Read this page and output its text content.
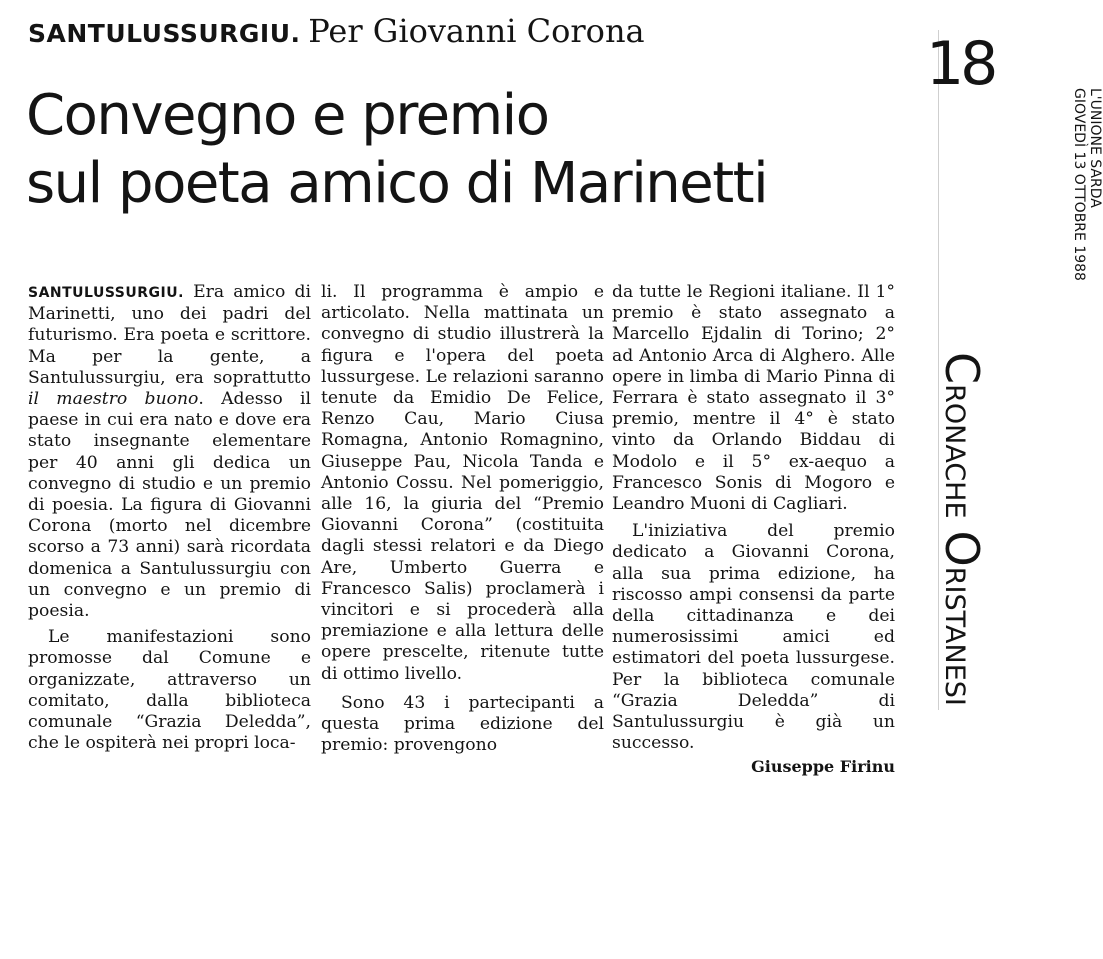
SANTULUSSURGIU. Per Giovanni Corona
Convegno e premio
sul poeta amico di Marinetti

SANTULUSSURGIU. Era amico di Marinetti, uno dei padri del futurismo. Era poeta e scrittore. Ma per la gente, a Santulussurgiu, era soprattutto il maestro buono. Adesso il paese in cui era nato e dove era stato insegnante elementare per 40 anni gli dedica un convegno di studio e un premio di poesia. La figura di Giovanni Corona (morto nel dicembre scorso a 73 anni) sarà ricordata domenica a Santulussurgiu con un convegno e un premio di poesia.

Le manifestazioni sono promosse dal Comune e organizzate, attraverso un comitato, dalla biblioteca comunale “Grazia Deledda”, che le ospiterà nei propri loca-

li. Il programma è ampio e articolato. Nella mattinata un convegno di studio illustrerà la figura e l'opera del poeta lussurgese. Le relazioni saranno tenute da Emidio De Felice, Renzo Cau, Mario Ciusa Romagna, Antonio Romagnino, Giuseppe Pau, Nicola Tanda e Antonio Cossu. Nel pomeriggio, alle 16, la giuria del “Premio Giovanni Corona” (costituita dagli stessi relatori e da Diego Are, Umberto Guerra e Francesco Salis) proclamerà i vincitori e si procederà alla premiazione e alla lettura delle opere prescelte, ritenute tutte di ottimo livello.

Sono 43 i partecipanti a questa prima edizione del premio: provengono

da tutte le Regioni italiane. Il 1° premio è stato assegnato a Marcello Ejdalin di Torino; 2° ad Antonio Arca di Alghero. Alle opere in limba di Mario Pinna di Ferrara è stato assegnato il 3° premio, mentre il 4° è stato vinto da Orlando Biddau di Modolo e il 5° ex-aequo a Francesco Sonis di Mogoro e Leandro Muoni di Cagliari.

L'iniziativa del premio dedicato a Giovanni Corona, alla sua prima edizione, ha riscosso ampi consensi da parte della cittadinanza e dei numerosissimi amici ed estimatori del poeta lussurgese. Per la biblioteca comunale “Grazia Deledda” di Santulussurgiu è già un successo.

Giuseppe Firinu
18
L'UNIONE SARDA
GIOVEDÌ 13 OTTOBRE 1988
CRONACHEORISTANESI
